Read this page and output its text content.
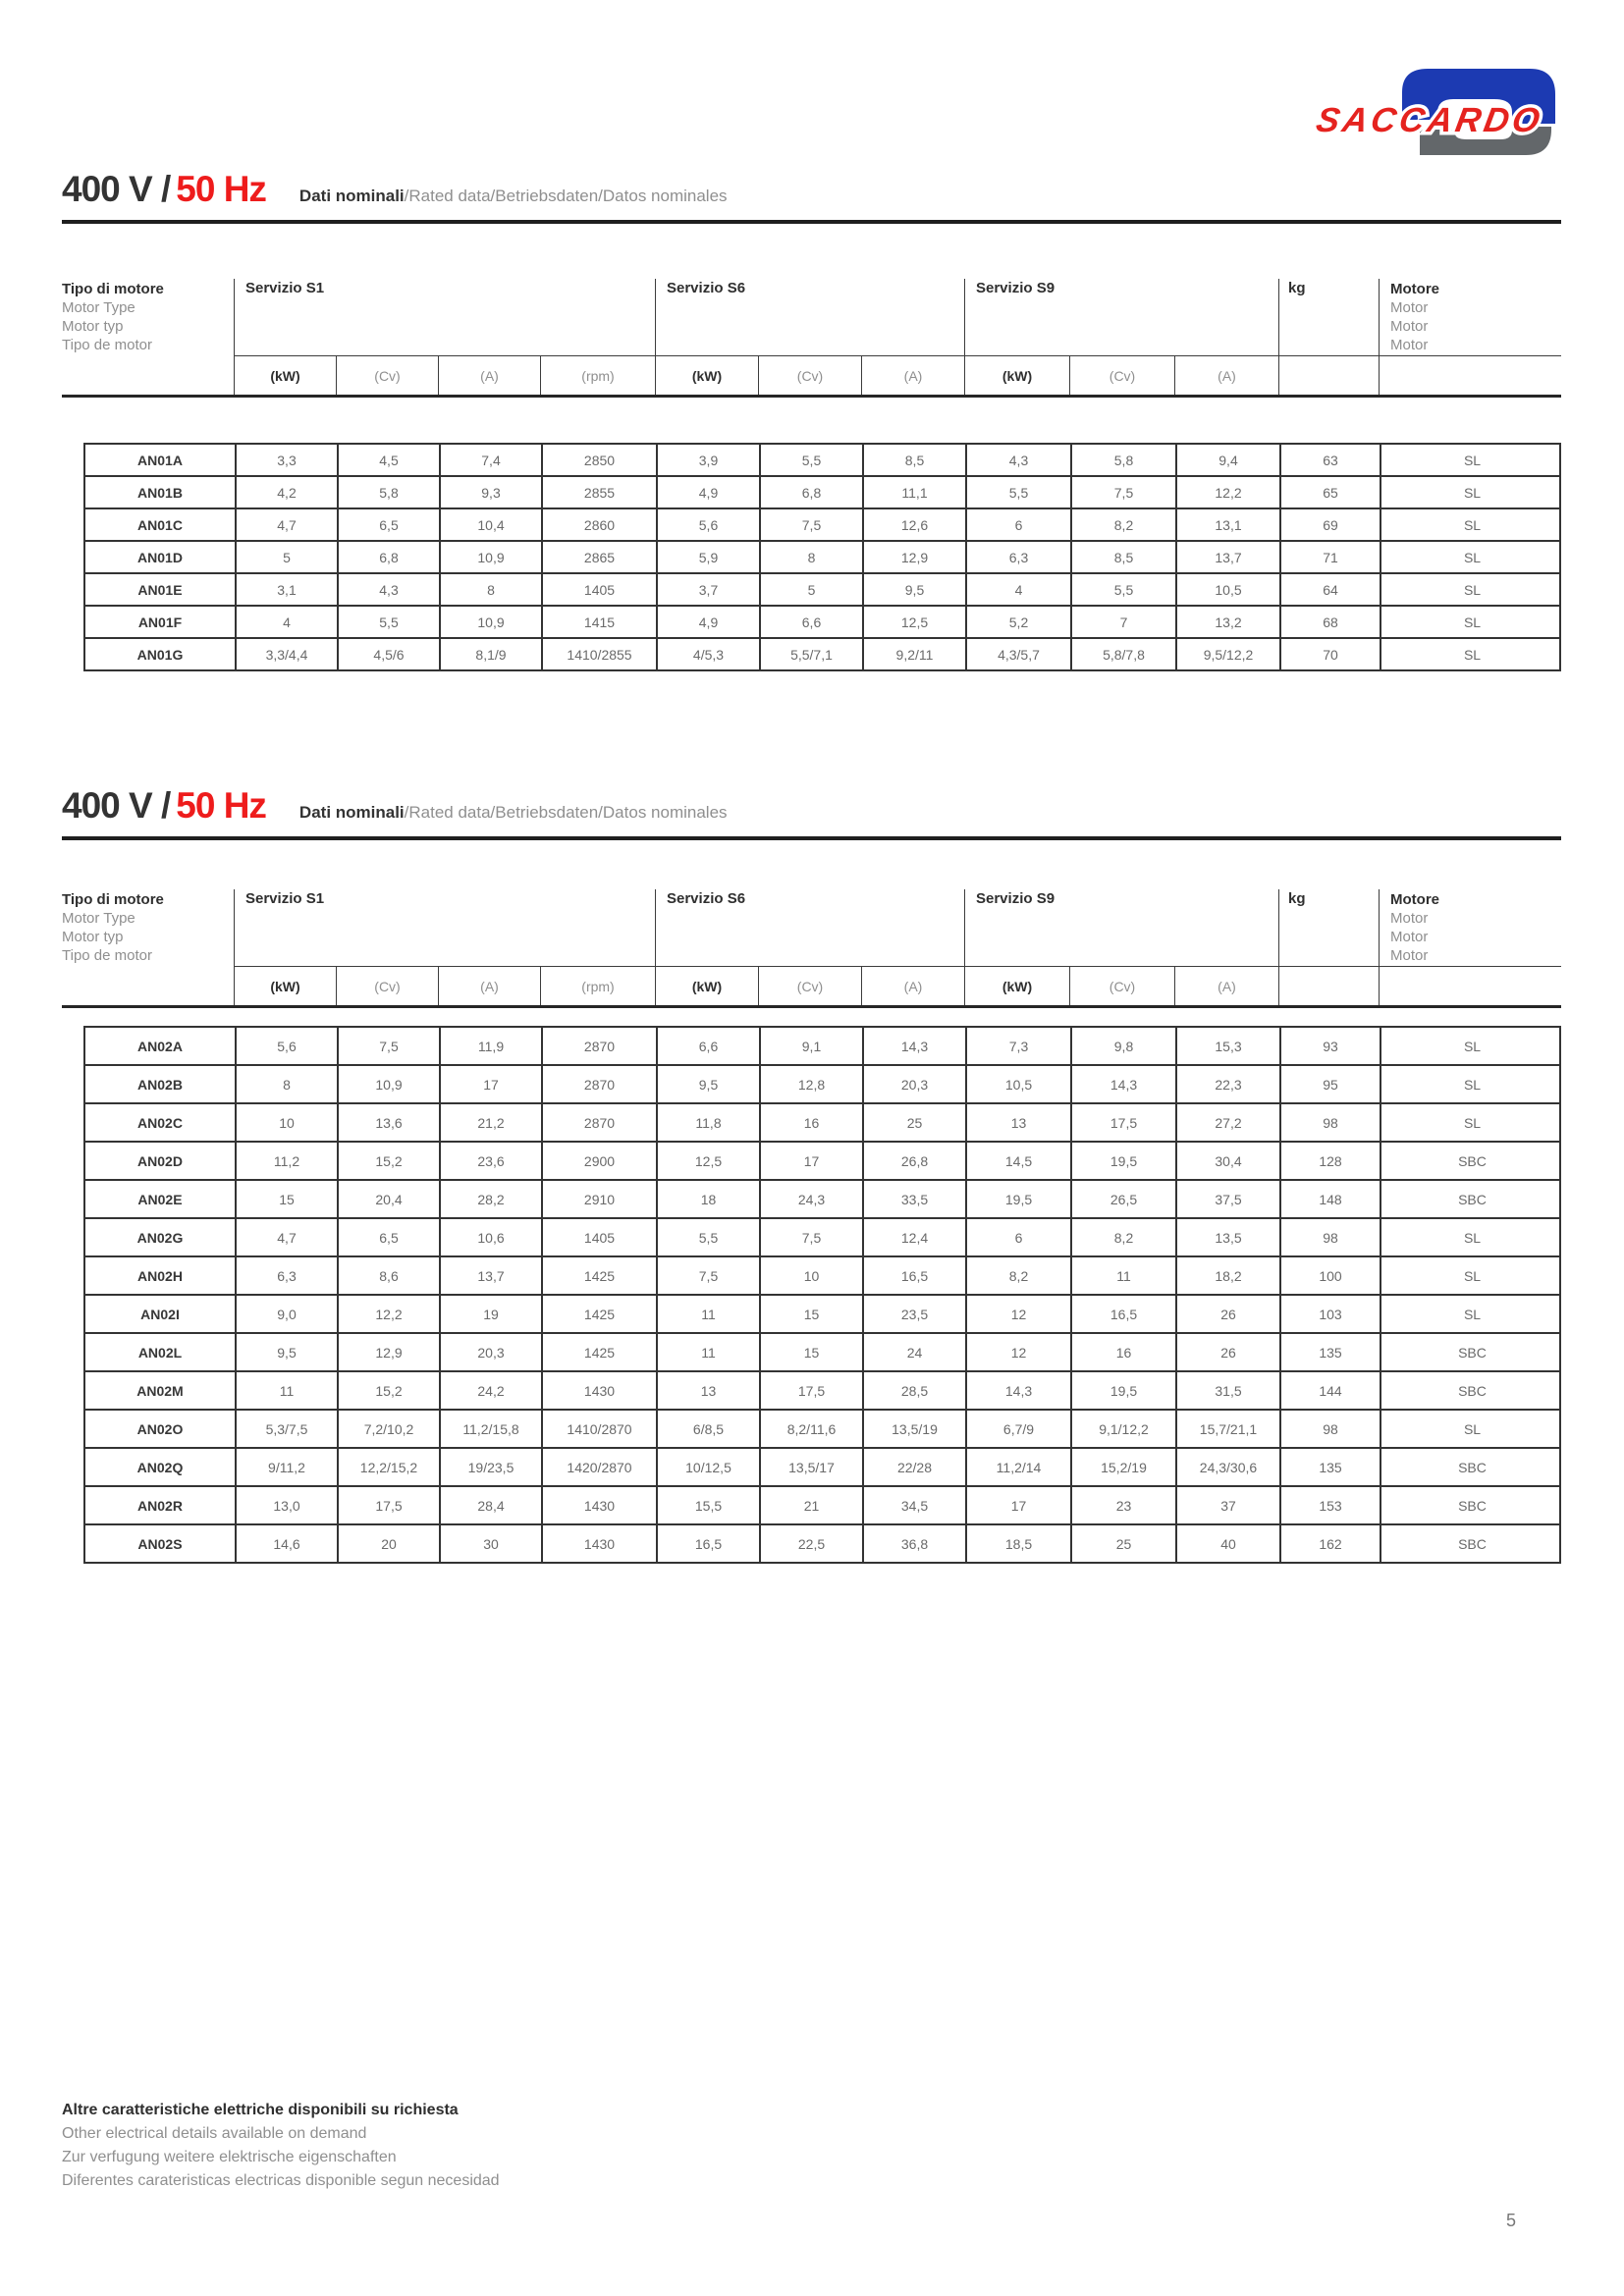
SACCARDO
400 V / 50 Hz Dati nominali/Rated data/Betriebsdaten/Datos nominales
Tipo di motore
Motor Type
Motor typ
Tipo de motor
Servizio S1	Servizio S6	Servizio S9	kg	Motore
Motor
Motor
Motor
(kW)	(Cv)	(A)	(rpm)	(kW)	(Cv)	(A)	(kW)	(Cv)	(A)
AN01A	3,3	4,5	7,4	2850	3,9	5,5	8,5	4,3	5,8	9,4	63	SL
AN01B	4,2	5,8	9,3	2855	4,9	6,8	11,1	5,5	7,5	12,2	65	SL
AN01C	4,7	6,5	10,4	2860	5,6	7,5	12,6	6	8,2	13,1	69	SL
AN01D	5	6,8	10,9	2865	5,9	8	12,9	6,3	8,5	13,7	71	SL
AN01E	3,1	4,3	8	1405	3,7	5	9,5	4	5,5	10,5	64	SL
AN01F	4	5,5	10,9	1415	4,9	6,6	12,5	5,2	7	13,2	68	SL
AN01G	3,3/4,4	4,5/6	8,1/9	1410/2855	4/5,3	5,5/7,1	9,2/11	4,3/5,7	5,8/7,8	9,5/12,2	70	SL
400 V / 50 Hz Dati nominali/Rated data/Betriebsdaten/Datos nominales
Tipo di motore
Motor Type
Motor typ
Tipo de motor
Servizio S1	Servizio S6	Servizio S9	kg	Motore
Motor
Motor
Motor
(kW)	(Cv)	(A)	(rpm)	(kW)	(Cv)	(A)	(kW)	(Cv)	(A)
AN02A	5,6	7,5	11,9	2870	6,6	9,1	14,3	7,3	9,8	15,3	93	SL
AN02B	8	10,9	17	2870	9,5	12,8	20,3	10,5	14,3	22,3	95	SL
AN02C	10	13,6	21,2	2870	11,8	16	25	13	17,5	27,2	98	SL
AN02D	11,2	15,2	23,6	2900	12,5	17	26,8	14,5	19,5	30,4	128	SBC
AN02E	15	20,4	28,2	2910	18	24,3	33,5	19,5	26,5	37,5	148	SBC
AN02G	4,7	6,5	10,6	1405	5,5	7,5	12,4	6	8,2	13,5	98	SL
AN02H	6,3	8,6	13,7	1425	7,5	10	16,5	8,2	11	18,2	100	SL
AN02I	9,0	12,2	19	1425	11	15	23,5	12	16,5	26	103	SL
AN02L	9,5	12,9	20,3	1425	11	15	24	12	16	26	135	SBC
AN02M	11	15,2	24,2	1430	13	17,5	28,5	14,3	19,5	31,5	144	SBC
AN02O	5,3/7,5	7,2/10,2	11,2/15,8	1410/2870	6/8,5	8,2/11,6	13,5/19	6,7/9	9,1/12,2	15,7/21,1	98	SL
AN02Q	9/11,2	12,2/15,2	19/23,5	1420/2870	10/12,5	13,5/17	22/28	11,2/14	15,2/19	24,3/30,6	135	SBC
AN02R	13,0	17,5	28,4	1430	15,5	21	34,5	17	23	37	153	SBC
AN02S	14,6	20	30	1430	16,5	22,5	36,8	18,5	25	40	162	SBC
Altre caratteristiche elettriche disponibili su richiesta
Other electrical details available on demand
Zur verfugung weitere elektrische eigenschaften
Diferentes carateristicas electricas disponible segun necesidad
5
